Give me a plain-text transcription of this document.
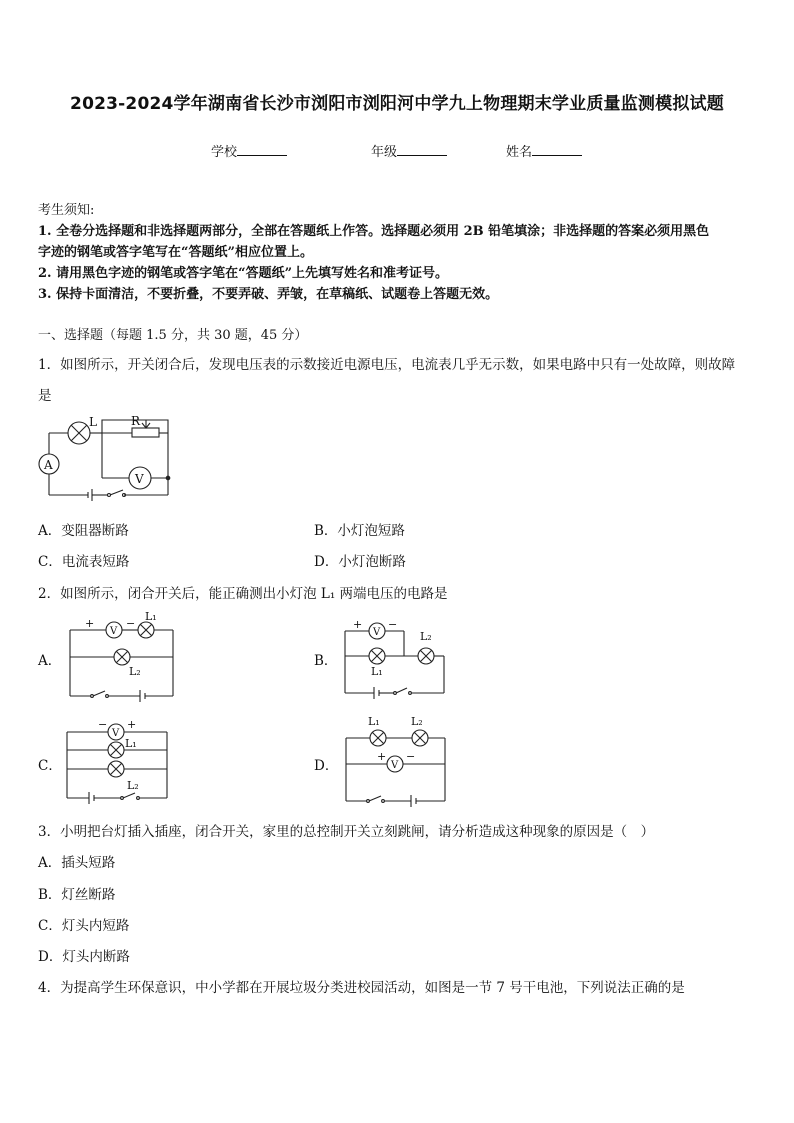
2023-2024学年湖南省长沙市浏阳市浏阳河中学九上物理期末学业质量监测模拟试题
学校	年级	姓名
考生须知:
1. 全卷分选择题和非选择题两部分，全部在答题纸上作答。选择题必须用 2B 铅笔填涂；非选择题的答案必须用黑色
字迹的钢笔或答字笔写在“答题纸”相应位置上。
2. 请用黑色字迹的钢笔或答字笔在“答题纸”上先填写姓名和准考证号。
3. 保持卡面清洁，不要折叠，不要弄破、弄皱，在草稿纸、试题卷上答题无效。
一、选择题（每题 1.5 分，共 30 题，45 分）
1．如图所示，开关闭合后，发现电压表的示数接近电源电压，电流表几乎无示数，如果电路中只有一处故障，则故障
是
L	R
V
A
A．变阻器断路	B．小灯泡短路
C．电流表短路	D．小灯泡断路
2．如图所示，闭合开关后，能正确测出小灯泡 L₁ 两端电压的电路是
A．
+
V
−
L₁
L₂
B．
+
V
−
L₁
L₂
C．
−
V
+
L₁
L₂
D．
L₁	L₂
+
V
−
3．小明把台灯插入插座，闭合开关，家里的总控制开关立刻跳闸，请分析造成这种现象的原因是（　）
A．插头短路
B．灯丝断路
C．灯头内短路
D．灯头内断路
4．为提高学生环保意识，中小学都在开展垃圾分类进校园活动，如图是一节 7 号干电池，下列说法正确的是
